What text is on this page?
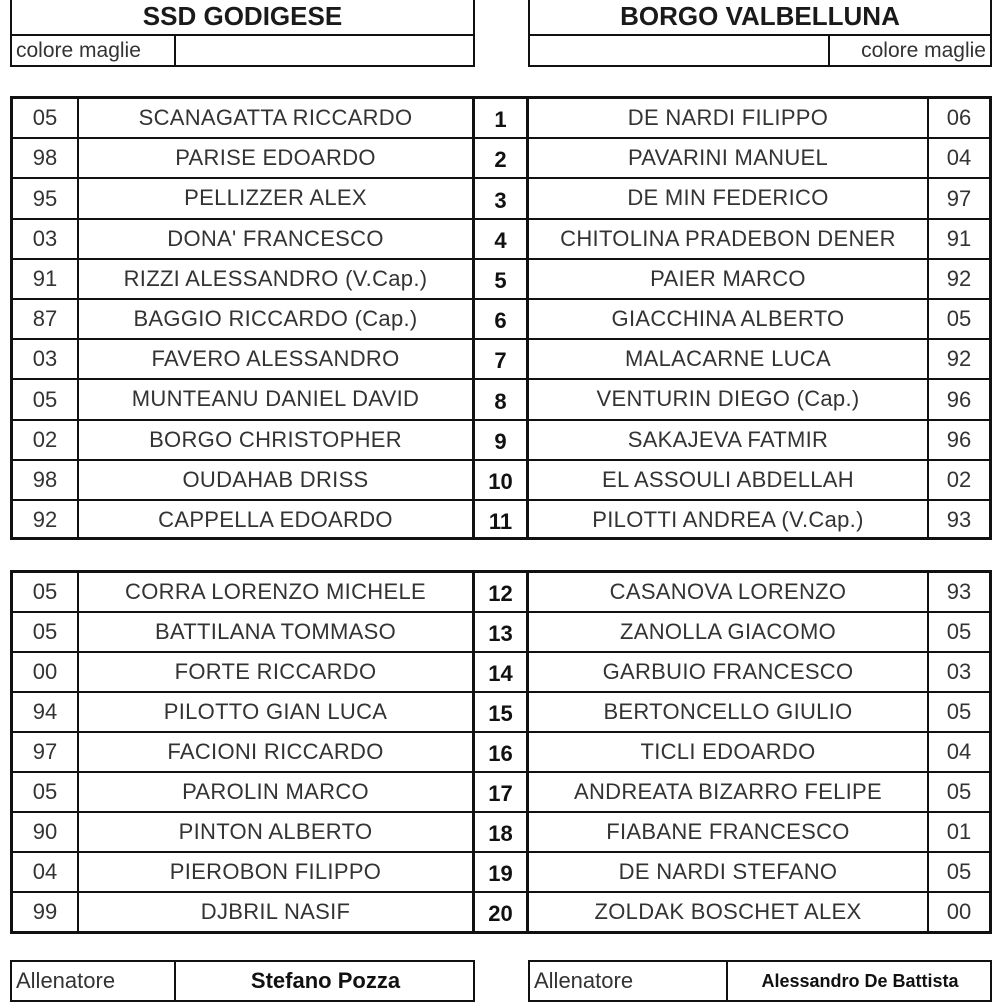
SSD GODIGESE	BORGO VALBELLUNA
colore maglie	colore maglie
05	SCANAGATTA RICCARDO	1	DE NARDI FILIPPO	06
98	PARISE EDOARDO	2	PAVARINI MANUEL	04
95	PELLIZZER ALEX	3	DE MIN FEDERICO	97
03	DONA' FRANCESCO	4	CHITOLINA PRADEBON DENER	91
91	RIZZI ALESSANDRO (V.Cap.)	5	PAIER MARCO	92
87	BAGGIO RICCARDO (Cap.)	6	GIACCHINA ALBERTO	05
03	FAVERO ALESSANDRO	7	MALACARNE LUCA	92
05	MUNTEANU DANIEL DAVID	8	VENTURIN DIEGO (Cap.)	96
02	BORGO CHRISTOPHER	9	SAKAJEVA FATMIR	96
98	OUDAHAB DRISS	10	EL ASSOULI ABDELLAH	02
92	CAPPELLA EDOARDO	11	PILOTTI ANDREA (V.Cap.)	93
05	CORRA LORENZO MICHELE	12	CASANOVA LORENZO	93
05	BATTILANA TOMMASO	13	ZANOLLA GIACOMO	05
00	FORTE RICCARDO	14	GARBUIO FRANCESCO	03
94	PILOTTO GIAN LUCA	15	BERTONCELLO GIULIO	05
97	FACIONI RICCARDO	16	TICLI EDOARDO	04
05	PAROLIN MARCO	17	ANDREATA BIZARRO FELIPE	05
90	PINTON ALBERTO	18	FIABANE FRANCESCO	01
04	PIEROBON FILIPPO	19	DE NARDI STEFANO	05
99	DJBRIL NASIF	20	ZOLDAK BOSCHET ALEX	00
Allenatore	Stefano Pozza	Allenatore	Alessandro De Battista
